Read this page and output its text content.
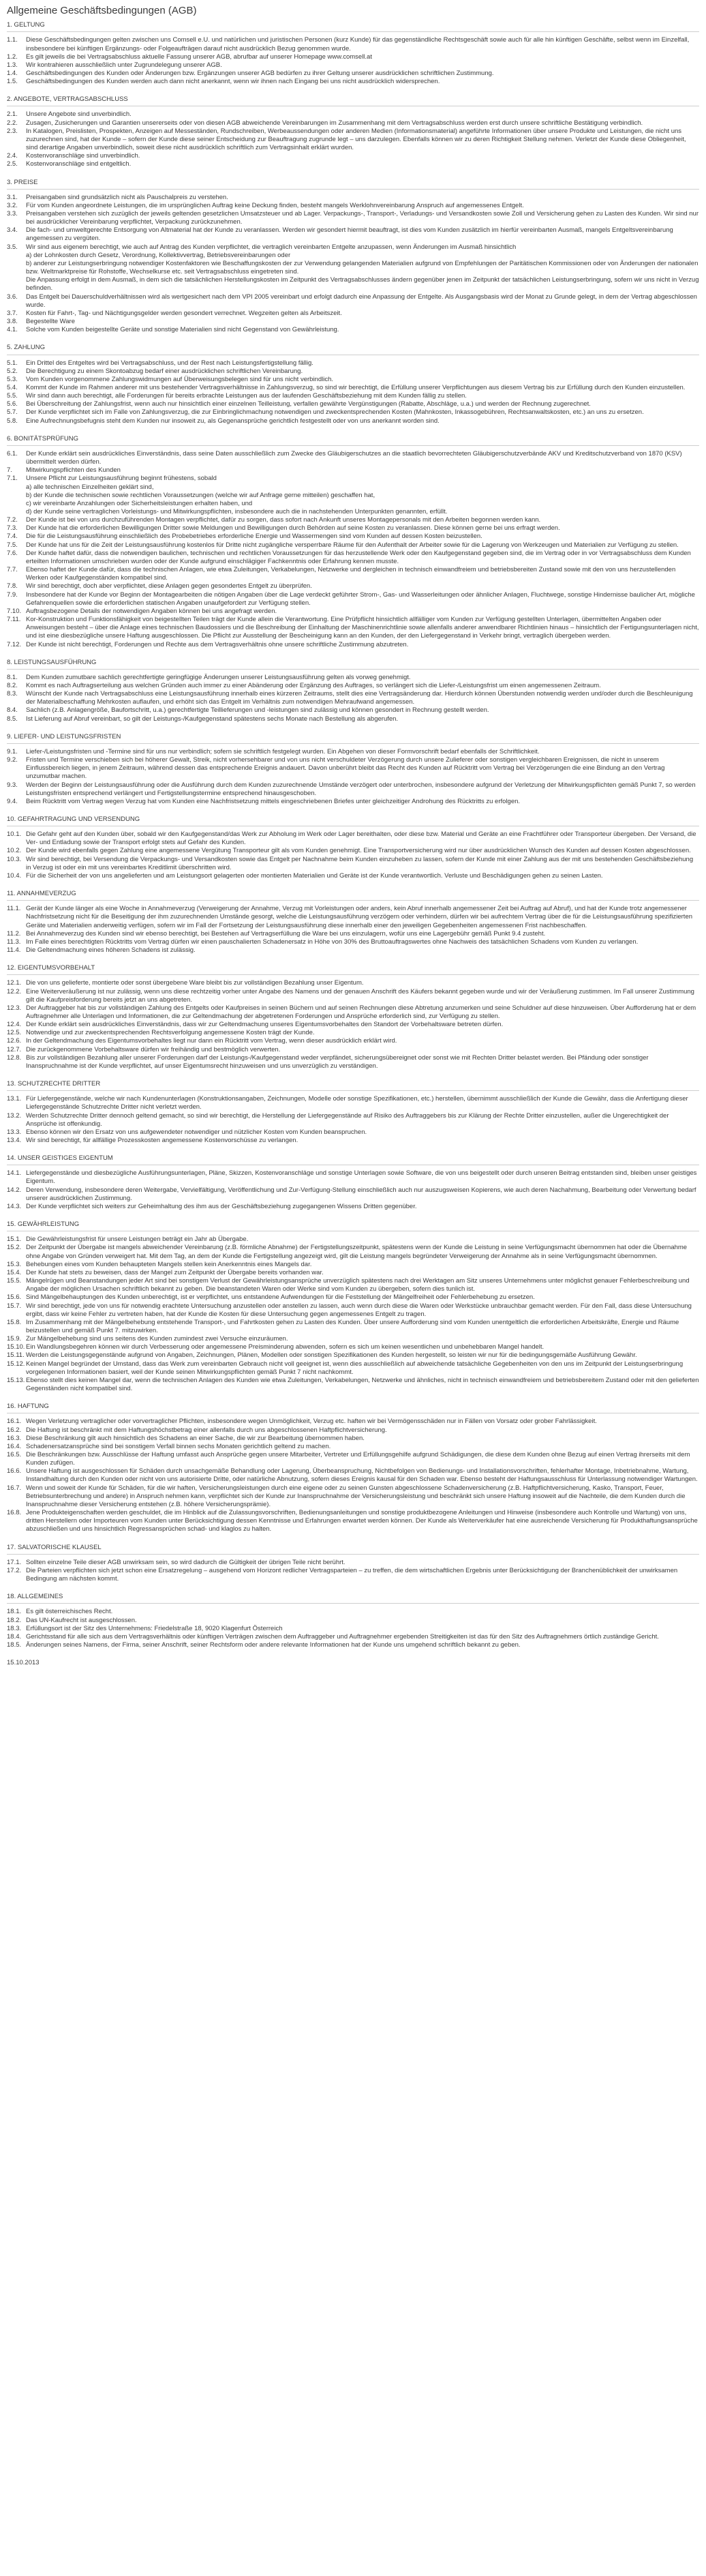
Allgemeine Geschäftsbedingungen (AGB)
1. GELTUNG
1.1.	Diese Geschäftsbedingungen gelten zwischen uns Comsell e.U. und natürlichen und juristischen Personen (kurz Kunde) für das gegenständliche Rechtsgeschäft sowie auch für alle hin künftigen Geschäfte, selbst wenn im Einzelfall, insbesondere bei künftigen Ergänzungs- oder Folgeaufträgen darauf nicht ausdrücklich Bezug genommen wurde.
1.2.	Es gilt jeweils die bei Vertragsabschluss aktuelle Fassung unserer AGB, abrufbar auf unserer Homepage www.comsell.at
1.3.	Wir kontrahieren ausschließlich unter Zugrundelegung unserer AGB.
1.4.	Geschäftsbedingungen des Kunden oder Änderungen bzw. Ergänzungen unserer AGB bedürfen zu ihrer Geltung unserer ausdrücklichen schriftlichen Zustimmung.
1.5.	Geschäftsbedingungen des Kunden werden auch dann nicht anerkannt, wenn wir ihnen nach Eingang bei uns nicht ausdrücklich widersprechen.
2. ANGEBOTE, VERTRAGSABSCHLUSS
2.1.	Unsere Angebote sind unverbindlich.
2.2.	Zusagen, Zusicherungen und Garantien unsererseits oder von diesen AGB abweichende Vereinbarungen im Zusammenhang mit dem Vertragsabschluss werden erst durch unsere schriftliche Bestätigung verbindlich.
2.3.	In Katalogen, Preislisten, Prospekten, Anzeigen auf Messeständen, Rundschreiben, Werbeaussendungen oder anderen Medien (Informationsmaterial) angeführte Informationen über unsere Produkte und Leistungen, die nicht uns zuzurechnen sind, hat der Kunde – sofern der Kunde diese seiner Entscheidung zur Beauftragung zugrunde legt – uns darzulegen. Ebenfalls können wir zu deren Richtigkeit Stellung nehmen. Verletzt der Kunde diese Obliegenheit, sind derartige Angaben unverbindlich, soweit diese nicht ausdrücklich schriftlich zum Vertragsinhalt erklärt wurden.
2.4.	Kostenvoranschläge sind unverbindlich.
2.5.	Kostenvoranschläge sind entgeltlich.
3. PREISE
3.1.	Preisangaben sind grundsätzlich nicht als Pauschalpreis zu verstehen.
3.2.	Für vom Kunden angeordnete Leistungen, die im ursprünglichen Auftrag keine Deckung finden, besteht mangels Werklohnvereinbarung Anspruch auf angemessenes Entgelt.
3.3.	Preisangaben verstehen sich zuzüglich der jeweils geltenden gesetzlichen Umsatzsteuer und ab Lager. Verpackungs-, Transport-, Verladungs- und Versandkosten sowie Zoll und Versicherung gehen zu Lasten des Kunden. Wir sind nur bei ausdrücklicher Vereinbarung verpflichtet, Verpackung zurückzunehmen.
3.4.	Die fach- und umweltgerechte Entsorgung von Altmaterial hat der Kunde zu veranlassen. Werden wir gesondert hiermit beauftragt, ist dies vom Kunden zusätzlich im hierfür vereinbarten Ausmaß, mangels Entgeltsvereinbarung angemessen zu vergüten.
3.5.	Wir sind aus eigenem berechtigt, wie auch auf Antrag des Kunden verpflichtet, die vertraglich vereinbarten Entgelte anzupassen, wenn Änderungen im Ausmaß hinsichtlich
a) der Lohnkosten durch Gesetz, Verordnung, Kollektivvertrag, Betriebsvereinbarungen oder
b) anderer zur Leistungserbringung notwendiger Kostenfaktoren wie Beschaffungskosten der zur Verwendung gelangenden Materialien aufgrund von Empfehlungen der Paritätischen Kommissionen oder von Änderungen der nationalen bzw. Weltmarktpreise für Rohstoffe, Wechselkurse etc. seit Vertragsabschluss eingetreten sind.
Die Anpassung erfolgt in dem Ausmaß, in dem sich die tatsächlichen Herstellungskosten im Zeitpunkt des Vertragsabschlusses ändern gegenüber jenen im Zeitpunkt der tatsächlichen Leistungserbringung, sofern wir uns nicht in Verzug befinden.
3.6.	Das Entgelt bei Dauerschuldverhältnissen wird als wertgesichert nach dem VPI 2005 vereinbart und erfolgt dadurch eine Anpassung der Entgelte. Als Ausgangsbasis wird der Monat zu Grunde gelegt, in dem der Vertrag abgeschlossen wurde.
3.7.	Kosten für Fahrt-, Tag- und Nächtigungsgelder werden gesondert verrechnet. Wegzeiten gelten als Arbeitszeit.
3.8.	Begestellte Ware
4.1.	Solche vom Kunden beigestellte Geräte und sonstige Materialien sind nicht Gegenstand von Gewährleistung.
5. ZAHLUNG
5.1.	Ein Drittel des Entgeltes wird bei Vertragsabschluss, und der Rest nach Leistungsfertigstellung fällig.
5.2.	Die Berechtigung zu einem Skontoabzug bedarf einer ausdrücklichen schriftlichen Vereinbarung.
5.3.	Vom Kunden vorgenommene Zahlungswidmungen auf Überweisungsbelegen sind für uns nicht verbindlich.
5.4.	Kommt der Kunde im Rahmen anderer mit uns bestehender Vertragsverhältnisse in Zahlungsverzug, so sind wir berechtigt, die Erfüllung unserer Verpflichtungen aus diesem Vertrag bis zur Erfüllung durch den Kunden einzustellen.
5.5.	Wir sind dann auch berechtigt, alle Forderungen für bereits erbrachte Leistungen aus der laufenden Geschäftsbeziehung mit dem Kunden fällig zu stellen.
5.6.	Bei Überschreitung der Zahlungsfrist, wenn auch nur hinsichtlich einer einzelnen Teilleistung, verfallen gewährte Vergünstigungen (Rabatte, Abschläge, u.a.) und werden der Rechnung zugerechnet.
5.7.	Der Kunde verpflichtet sich im Falle von Zahlungsverzug, die zur Einbringlichmachung notwendigen und zweckentsprechenden Kosten (Mahnkosten, Inkassogebühren, Rechtsanwaltskosten, etc.) an uns zu ersetzen.
5.8.	Eine Aufrechnungsbefugnis steht dem Kunden nur insoweit zu, als Gegenansprüche gerichtlich festgestellt oder von uns anerkannt worden sind.
6. BONITÄTSPRÜFUNG
6.1.	Der Kunde erklärt sein ausdrückliches Einverständnis, dass seine Daten ausschließlich zum Zwecke des Gläubigerschutzes an die staatlich bevorrechteten Gläubigerschutzverbände AKV und Kreditschutzverband von 1870 (KSV) übermittelt werden dürfen.
7.	Mitwirkungspflichten des Kunden
7.1.	Unsere Pflicht zur Leistungsausführung beginnt frühestens, sobald
a) alle technischen Einzelheiten geklärt sind,
b) der Kunde die technischen sowie rechtlichen Voraussetzungen (welche wir auf Anfrage gerne mitteilen) geschaffen hat,
c) wir vereinbarte Anzahlungen oder Sicherheitsleistungen erhalten haben, und
d) der Kunde seine vertraglichen Vorleistungs- und Mitwirkungspflichten, insbesondere auch die in nachstehenden Unterpunkten genannten, erfüllt.
7.2.	Der Kunde ist bei von uns durchzuführenden Montagen verpflichtet, dafür zu sorgen, dass sofort nach Ankunft unseres Montagepersonals mit den Arbeiten begonnen werden kann.
7.3.	Der Kunde hat die erforderlichen Bewilligungen Dritter sowie Meldungen und Bewilligungen durch Behörden auf seine Kosten zu veranlassen. Diese können gerne bei uns erfragt werden.
7.4.	Die für die Leistungsausführung einschließlich des Probebetriebes erforderliche Energie und Wassermengen sind vom Kunden auf dessen Kosten beizustellen.
7.5.	Der Kunde hat uns für die Zeit der Leistungsausführung kostenlos für Dritte nicht zugängliche versperrbare Räume für den Aufenthalt der Arbeiter sowie für die Lagerung von Werkzeugen und Materialien zur Verfügung zu stellen.
7.6.	Der Kunde haftet dafür, dass die notwendigen baulichen, technischen und rechtlichen Voraussetzungen für das herzustellende Werk oder den Kaufgegenstand gegeben sind, die im Vertrag oder in vor Vertragsabschluss dem Kunden erteilten Informationen umschrieben wurden oder der Kunde aufgrund einschlägiger Fachkenntnis oder Erfahrung kennen musste.
7.7.	Ebenso haftet der Kunde dafür, dass die technischen Anlagen, wie etwa Zuleitungen, Verkabelungen, Netzwerke und dergleichen in technisch einwandfreiem und betriebsbereiten Zustand sowie mit den von uns herzustellenden Werken oder Kaufgegenständen kompatibel sind.
7.8.	Wir sind berechtigt, doch aber verpflichtet, diese Anlagen gegen gesondertes Entgelt zu überprüfen.
7.9.	Insbesondere hat der Kunde vor Beginn der Montagearbeiten die nötigen Angaben über die Lage verdeckt geführter Strom-, Gas- und Wasserleitungen oder ähnlicher Anlagen, Fluchtwege, sonstige Hindernisse baulicher Art, mögliche Gefahrenquellen sowie die erforderlichen statischen Angaben unaufgefordert zur Verfügung stellen.
7.10. Auftragsbezogene Details der notwendigen Angaben können bei uns angefragt werden.
7.11. Kor-Konstruktion und Funktionsfähigkeit von beigestellten Teilen trägt der Kunde allein die Verantwortung. Eine Prüfpflicht hinsichtlich allfälliger vom Kunden zur Verfügung gestellten Unterlagen, übermittelten Angaben oder Anweisungen besteht – über die Anlage eines technischen Baudossiers und die Beschreibung der Einhaltung der Maschinenrichtlinie sowie allenfalls anderer anwendbarer Richtlinien hinaus – hinsichtlich der Fertigungsunterlagen nicht, und ist eine diesbezügliche unsere Haftung ausgeschlossen. Die Pflicht zur Ausstellung der Bescheinigung kann an den Kunden, der den Liefergegenstand in Verkehr bringt, vertraglich übergeben werden.
7.12. Der Kunde ist nicht berechtigt, Forderungen und Rechte aus dem Vertragsverhältnis ohne unsere schriftliche Zustimmung abzutreten.
8. LEISTUNGSAUSFÜHRUNG
8.1.	Dem Kunden zumutbare sachlich gerechtfertigte geringfügige Änderungen unserer Leistungsausführung gelten als vorweg genehmigt.
8.2.	Kommt es nach Auftragserteilung aus welchen Gründen auch immer zu einer Abänderung oder Ergänzung des Auftrages, so verlängert sich die Liefer-/Leistungsfrist um einen angemessenen Zeitraum.
8.3.	Wünscht der Kunde nach Vertragsabschluss eine Leistungsausführung innerhalb eines kürzeren Zeitraums, stellt dies eine Vertragsänderung dar. Hierdurch können Überstunden notwendig werden und/oder durch die Beschleunigung der Materialbeschaffung Mehrkosten auflaufen, und erhöht sich das Entgelt im Verhältnis zum notwendigen Mehraufwand angemessen.
8.4.	Sachlich (z.B. Anlagengröße, Baufortschritt, u.a.) gerechtfertigte Teillieferungen und -leistungen sind zulässig und können gesondert in Rechnung gestellt werden.
8.5.	Ist Lieferung auf Abruf vereinbart, so gilt der Leistungs-/Kaufgegenstand spätestens sechs Monate nach Bestellung als abgerufen.
9. LIEFER- UND LEISTUNGSFRISTEN
9.1.	Liefer-/Leistungsfristen und -Termine sind für uns nur verbindlich; sofern sie schriftlich festgelegt wurden. Ein Abgehen von dieser Formvorschrift bedarf ebenfalls der Schriftlichkeit.
9.2.	Fristen und Termine verschieben sich bei höherer Gewalt, Streik, nicht vorhersehbarer und von uns nicht verschuldeter Verzögerung durch unsere Zulieferer oder sonstigen vergleichbaren Ereignissen, die nicht in unserem Einflussbereich liegen, in jenem Zeitraum, während dessen das entsprechende Ereignis andauert. Davon unberührt bleibt das Recht des Kunden auf Rücktritt vom Vertrag bei Verzögerungen die eine Bindung an den Vertrag unzumutbar machen.
9.3.	Werden der Beginn der Leistungsausführung oder die Ausführung durch dem Kunden zuzurechnende Umstände verzögert oder unterbrochen, insbesondere aufgrund der Verletzung der Mitwirkungspflichten gemäß Punkt 7, so werden Leistungsfristen entsprechend verlängert und Fertigstellungstermine entsprechend hinausgeschoben.
9.4.	Beim Rücktritt vom Vertrag wegen Verzug hat vom Kunden eine Nachfristsetzung mittels eingeschriebenen Briefes unter gleichzeitiger Androhung des Rücktritts zu erfolgen.
10. GEFAHRTRAGUNG UND VERSENDUNG
10.1. Die Gefahr geht auf den Kunden über, sobald wir den Kaufgegenstand/das Werk zur Abholung im Werk oder Lager bereithalten, oder diese bzw. Material und Geräte an eine Frachtführer oder Transporteur übergeben. Der Versand, die Ver- und Entladung sowie der Transport erfolgt stets auf Gefahr des Kunden.
10.2. Der Kunde wird ebenfalls gegen Zahlung eine angemessene Vergütung Transporteur gilt als vom Kunden genehmigt. Eine Transportversicherung wird nur über ausdrücklichen Wunsch des Kunden auf dessen Kosten abgeschlossen.
10.3. Wir sind berechtigt, bei Versendung die Verpackungs- und Versandkosten sowie das Entgelt per Nachnahme beim Kunden einzuheben zu lassen, sofern der Kunde mit einer Zahlung aus der mit uns bestehenden Geschäftsbeziehung in Verzug ist oder ein mit uns vereinbartes Kreditlimit überschritten wird.
10.4. Für die Sicherheit der von uns angelieferten und am Leistungsort gelagerten oder montierten Materialien und Geräte ist der Kunde verantwortlich. Verluste und Beschädigungen gehen zu seinen Lasten.
11. ANNAHMEVERZUG
11.1. Gerät der Kunde länger als eine Woche in Annahmeverzug (Verweigerung der Annahme, Verzug mit Vorleistungen oder anders, kein Abruf innerhalb angemessener Zeit bei Auftrag auf Abruf), und hat der Kunde trotz angemessener Nachfristsetzung nicht für die Beseitigung der ihm zuzurechnenden Umstände gesorgt, welche die Leistungsausführung verzögern oder verhindern, dürfen wir bei aufrechtem Vertrag über die für die Leistungsausführung spezifizierten Geräte und Materialien anderweitig verfügen, sofern wir im Fall der Fortsetzung der Leistungsausführung diese innerhalb einer den jeweiligen Gegebenheiten angemessenen Frist nachbeschaffen.
11.2. Bei Annahmeverzug des Kunden sind wir ebenso berechtigt, bei Bestehen auf Vertragserfüllung die Ware bei uns einzulagern, wofür uns eine Lagergebühr gemäß Punkt 9.4 zusteht.
11.3. Im Falle eines berechtigten Rücktritts vom Vertrag dürfen wir einen pauschalierten Schadenersatz in Höhe von 30% des Bruttoauftragswertes ohne Nachweis des tatsächlichen Schadens vom Kunden zu verlangen.
11.4. Die Geltendmachung eines höheren Schadens ist zulässig.
12. EIGENTUMSVORBEHALT
12.1. Die von uns gelieferte, montierte oder sonst übergebene Ware bleibt bis zur vollständigen Bezahlung unser Eigentum.
12.2. Eine Weiterveräußerung ist nur zulässig, wenn uns diese rechtzeitig vorher unter Angabe des Namens und der genauen Anschrift des Käufers bekannt gegeben wurde und wir der Veräußerung zustimmen. Im Fall unserer Zustimmung gilt die Kaufpreisforderung bereits jetzt an uns abgetreten.
12.3. Der Auftraggeber hat bis zur vollständigen Zahlung des Entgelts oder Kaufpreises in seinen Büchern und auf seinen Rechnungen diese Abtretung anzumerken und seine Schuldner auf diese hinzuweisen. Über Aufforderung hat er dem Auftragnehmer alle Unterlagen und Informationen, die zur Geltendmachung der abgetretenen Forderungen und Ansprüche erforderlich sind, zur Verfügung zu stellen.
12.4. Der Kunde erklärt sein ausdrückliches Einverständnis, dass wir zur Geltendmachung unseres Eigentumsvorbehaltes den Standort der Vorbehaltsware betreten dürfen.
12.5. Notwendige und zur zweckentsprechenden Rechtsverfolgung angemessene Kosten trägt der Kunde.
12.6. In der Geltendmachung des Eigentumsvorbehaltes liegt nur dann ein Rücktritt vom Vertrag, wenn dieser ausdrücklich erklärt wird.
12.7. Die zurückgenommene Vorbehaltsware dürfen wir freihändig und bestmöglich verwerten.
12.8. Bis zur vollständigen Bezahlung aller unserer Forderungen darf der Leistungs-/Kaufgegenstand weder verpfändet, sicherungsübereignet oder sonst wie mit Rechten Dritter belastet werden. Bei Pfändung oder sonstiger Inanspruchnahme ist der Kunde verpflichtet, auf unser Eigentumsrecht hinzuweisen und uns unverzüglich zu verständigen.
13. SCHUTZRECHTE DRITTER
13.1. Für Liefergegenstände, welche wir nach Kundenunterlagen (Konstruktionsangaben, Zeichnungen, Modelle oder sonstige Spezifikationen, etc.) herstellen, übernimmt ausschließlich der Kunde die Gewähr, dass die Anfertigung dieser Liefergegenstände Schutzrechte Dritter nicht verletzt werden.
13.2. Werden Schutzrechte Dritter dennoch geltend gemacht, so sind wir berechtigt, die Herstellung der Liefergegenstände auf Risiko des Auftraggebers bis zur Klärung der Rechte Dritter einzustellen, außer die Ungerechtigkeit der Ansprüche ist offenkundig.
13.3. Ebenso können wir den Ersatz von uns aufgewendeter notwendiger und nützlicher Kosten vom Kunden beanspruchen.
13.4. Wir sind berechtigt, für allfällige Prozesskosten angemessene Kostenvorschüsse zu verlangen.
14. UNSER GEISTIGES EIGENTUM
14.1. Liefergegenstände und diesbezügliche Ausführungsunterlagen, Pläne, Skizzen, Kostenvoranschläge und sonstige Unterlagen sowie Software, die von uns beigestellt oder durch unseren Beitrag entstanden sind, bleiben unser geistiges Eigentum.
14.2. Deren Verwendung, insbesondere deren Weitergabe, Vervielfältigung, Veröffentlichung und Zur-Verfügung-Stellung einschließlich auch nur auszugsweisen Kopierens, wie auch deren Nachahmung, Bearbeitung oder Verwertung bedarf unserer ausdrücklichen Zustimmung.
14.3. Der Kunde verpflichtet sich weiters zur Geheimhaltung des ihm aus der Geschäftsbeziehung zugegangenen Wissens Dritten gegenüber.
15. GEWÄHRLEISTUNG
15.1. Die Gewährleistungsfrist für unsere Leistungen beträgt ein Jahr ab Übergabe.
15.2. Der Zeitpunkt der Übergabe ist mangels abweichender Vereinbarung (z.B. förmliche Abnahme) der Fertigstellungszeitpunkt, spätestens wenn der Kunde die Leistung in seine Verfügungsmacht übernommen hat oder die Übernahme ohne Angabe von Gründen verweigert hat. Mit dem Tag, an dem der Kunde die Fertigstellung angezeigt wird, gilt die Leistung mangels begründeter Verweigerung der Annahme als in seine Verfügungsmacht übernommen.
15.3. Behebungen eines vom Kunden behaupteten Mangels stellen kein Anerkenntnis eines Mangels dar.
15.4. Der Kunde hat stets zu beweisen, dass der Mangel zum Zeitpunkt der Übergabe bereits vorhanden war.
15.5. Mängelrügen und Beanstandungen jeder Art sind bei sonstigem Verlust der Gewährleistungsansprüche unverzüglich spätestens nach drei Werktagen am Sitz unseres Unternehmens unter möglichst genauer Fehlerbeschreibung und Angabe der möglichen Ursachen schriftlich bekannt zu geben. Die beanstandeten Waren oder Werke sind vom Kunden zu übergeben, sofern dies tunlich ist.
15.6. Sind Mängelbehauptungen des Kunden unberechtigt, ist er verpflichtet, uns entstandene Aufwendungen für die Feststellung der Mängelfreiheit oder Fehlerbehebung zu ersetzen.
15.7. Wir sind berechtigt, jede von uns für notwendig erachtete Untersuchung anzustellen oder anstellen zu lassen, auch wenn durch diese die Waren oder Werkstücke unbrauchbar gemacht werden. Für den Fall, dass diese Untersuchung ergibt, dass wir keine Fehler zu vertreten haben, hat der Kunde die Kosten für diese Untersuchung gegen angemessenes Entgelt zu tragen.
15.8. Im Zusammenhang mit der Mängelbehebung entstehende Transport-, und Fahrtkosten gehen zu Lasten des Kunden. Über unsere Aufforderung sind vom Kunden unentgeltlich die erforderlichen Arbeitskräfte, Energie und Räume beizustellen und gemäß Punkt 7. mitzuwirken.
15.9. Zur Mängelbehebung sind uns seitens des Kunden zumindest zwei Versuche einzuräumen.
15.10. Ein Wandlungsbegehren können wir durch Verbesserung oder angemessene Preisminderung abwenden, sofern es sich um keinen wesentlichen und unbehebbaren Mangel handelt.
15.11. Werden die Leistungsgegenstände aufgrund von Angaben, Zeichnungen, Plänen, Modellen oder sonstigen Spezifikationen des Kunden hergestellt, so leisten wir nur für die bedingungsgemäße Ausführung Gewähr.
15.12. Keinen Mangel begründet der Umstand, dass das Werk zum vereinbarten Gebrauch nicht voll geeignet ist, wenn dies ausschließlich auf abweichende tatsächliche Gegebenheiten von den uns im Zeitpunkt der Leistungserbringung vorgelegenen Informationen basiert, weil der Kunde seinen Mitwirkungspflichten gemäß Punkt 7 nicht nachkommt.
15.13. Ebenso stellt dies keinen Mangel dar, wenn die technischen Anlagen des Kunden wie etwa Zuleitungen, Verkabelungen, Netzwerke und ähnliches, nicht in technisch einwandfreiem und betriebsbereitem Zustand oder mit den gelieferten Gegenständen nicht kompatibel sind.
16. HAFTUNG
16.1. Wegen Verletzung vertraglicher oder vorvertraglicher Pflichten, insbesondere wegen Unmöglichkeit, Verzug etc. haften wir bei Vermögensschäden nur in Fällen von Vorsatz oder grober Fahrlässigkeit.
16.2. Die Haftung ist beschränkt mit dem Haftungshöchstbetrag einer allenfalls durch uns abgeschlossenen Haftpflichtversicherung.
16.3. Diese Beschränkung gilt auch hinsichtlich des Schadens an einer Sache, die wir zur Bearbeitung übernommen haben.
16.4. Schadenersatzansprüche sind bei sonstigem Verfall binnen sechs Monaten gerichtlich geltend zu machen.
16.5. Die Beschränkungen bzw. Ausschlüsse der Haftung umfasst auch Ansprüche gegen unsere Mitarbeiter, Vertreter und Erfüllungsgehilfe aufgrund Schädigungen, die diese dem Kunden ohne Bezug auf einen Vertrag ihrerseits mit dem Kunden zufügen.
16.6. Unsere Haftung ist ausgeschlossen für Schäden durch unsachgemäße Behandlung oder Lagerung, Überbeanspruchung, Nichtbefolgen von Bedienungs- und Installationsvorschriften, fehlerhafter Montage, Inbetriebnahme, Wartung, Instandhaltung durch den Kunden oder nicht von uns autorisierte Dritte, oder natürliche Abnutzung, sofern dieses Ereignis kausal für den Schaden war. Ebenso besteht der Haftungsausschluss für Unterlassung notwendiger Wartungen.
16.7. Wenn und soweit der Kunde für Schäden, für die wir haften, Versicherungsleistungen durch eine eigene oder zu seinen Gunsten abgeschlossene Schadenversicherung (z.B. Haftpflichtversicherung, Kasko, Transport, Feuer, Betriebsunterbrechung und andere) in Anspruch nehmen kann, verpflichtet sich der Kunde zur Inanspruchnahme der Versicherungsleistung und beschränkt sich unsere Haftung insoweit auf die Nachteile, die dem Kunden durch die Inanspruchnahme dieser Versicherung entstehen (z.B. höhere Versicherungsprämie).
16.8. Jene Produkteigenschaften werden geschuldet, die im Hinblick auf die Zulassungsvorschriften, Bedienungsanleitungen und sonstige produktbezogene Anleitungen und Hinweise (insbesondere auch Kontrolle und Wartung) von uns, dritten Herstellern oder Importeuren vom Kunden unter Berücksichtigung dessen Kenntnisse und Erfahrungen erwartet werden können. Der Kunde als Weiterverkäufer hat eine ausreichende Versicherung für Produkthaftungsansprüche abzuschließen und uns hinsichtlich Regressansprüchen schad- und klaglos zu halten.
17. SALVATORISCHE KLAUSEL
17.1. Sollten einzelne Teile dieser AGB unwirksam sein, so wird dadurch die Gültigkeit der übrigen Teile nicht berührt.
17.2. Die Parteien verpflichten sich jetzt schon eine Ersatzregelung – ausgehend vom Horizont redlicher Vertragsparteien – zu treffen, die dem wirtschaftlichen Ergebnis unter Berücksichtigung der Branchenüblichkeit der unwirksamen Bedingung am nächsten kommt.
18. ALLGEMEINES
18.1. Es gilt österreichisches Recht.
18.2. Das UN-Kaufrecht ist ausgeschlossen.
18.3. Erfüllungsort ist der Sitz des Unternehmens: Friedelstraße 18, 9020 Klagenfurt Österreich
18.4. Gerichtsstand für alle sich aus dem Vertragsverhältnis oder künftigen Verträgen zwischen dem Auftraggeber und Auftragnehmer ergebenden Streitigkeiten ist das für den Sitz des Auftragnehmers örtlich zuständige Gericht.
18.5. Änderungen seines Namens, der Firma, seiner Anschrift, seiner Rechtsform oder andere relevante Informationen hat der Kunde uns umgehend schriftlich bekannt zu geben.
15.10.2013
